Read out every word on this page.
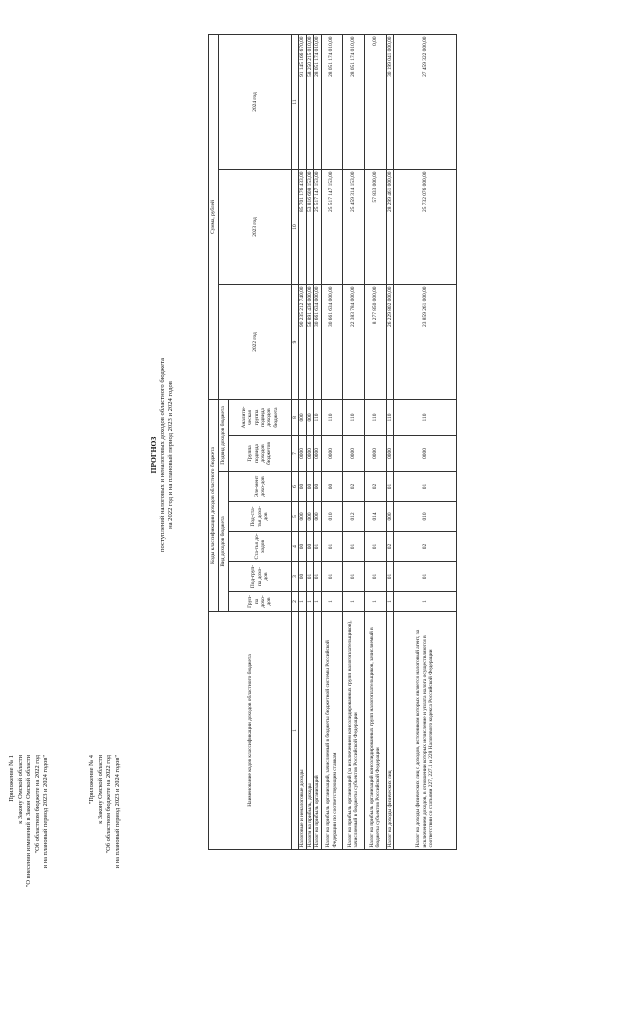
Приложение № 1 к Закону Омской области "О внесении изменений в Закон Омской области "Об областном бюджете на 2022 год и на плановый период 2023 и 2024 годов"	"Приложение № 4 к Закону Омской области "Об областном бюджете на 2022 год и на плановый период 2023 и 2024 годов"
ПРОГНОЗ поступлений налоговых и неналоговых доходов областного бюджета на 2022 год и на плановый период 2023 и 2024 годов
Наименование кодов классификации доходов областного бюджета	Коды классификации доходов областного бюджета							Сумма, рублей		
	Вид доходов бюджета					Подвид доходов бюджета		2022 год	2023 год	2024 год
	Груп-па дохо-дов	Под-груп-па дохо-дов	Ста-тья до-ходов	Под-ста-тья дохо-дов	Эле-мент дохо-дов	Группа подвида доходов бюджетов	Аналити-ческая группа подвида доходов бюджета			
1	2	3	4	5	6	7	8	9	10	11
Налоговые и неналоговые доходы	1	00	00	000	00	0000	000	90 235 212 740,00	85 701 176 433,00	91 145 166 670,00
Налоги на прибыль, доходы	1	01	00	000	00	0000	000	56 891 436 000,00	53 816 608 153,00	58 250 215 010,00
Налог на прибыль организаций	1	01	01	000	00	0000	110	30 661 634 000,00	25 517 147 153,00	28 051 174 010,00
Налог на прибыль организаций, зачисляемый в бюджеты бюджетной системы Российской Федерации по соответствующим ставкам	1	01	01	010	00	0000	110	30 661 634 000,00	25 517 147 153,00	28 051 174 010,00
Налог на прибыль организаций (за исключением консолидированных групп налогоплательщиков), зачисляемый в бюджеты субъектов Российской Федерации	1	01	01	012	02	0000	110	22 383 784 000,00	25 459 314 153,00	28 051 174 010,00
Налог на прибыль организаций консолидированных групп налогоплательщиков, зачисляемый в бюджеты субъектов Российской Федерации	1	01	01	014	02	0000	110	8 277 850 000,00	57 833 000,00	0,00
Налог на доходы физических лиц	1	01	02	000	01	0000	110	26 229 802 000,00	28 299 461 000,00	30 199 041 000,00
Налог на доходы физических лиц с доходов, источником которых является налоговый агент, за исключением доходов, в отношении которых исчисление и уплата налога осуществляются в соответствии со статьями 227, 227.1 и 228 Налогового кодекса Российской Федерации	1	01	02	010	01	0000	110	23 859 261 000,00	25 732 076 000,00	27 459 322 000,00
